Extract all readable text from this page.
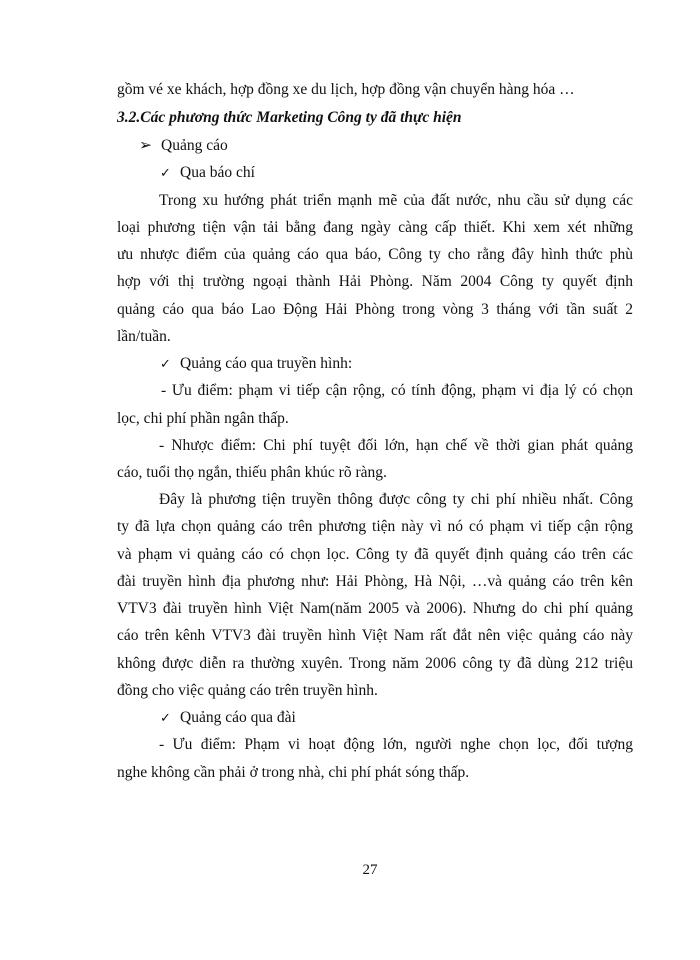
gồm vé xe khách, hợp đồng xe du lịch, hợp đồng vận chuyển hàng hóa …

3.2.Các phương thức Marketing Công ty đã thực hiện

➢ Quảng cáo

✓ Qua báo chí

Trong xu hướng phát triển mạnh mẽ của đất nước, nhu cầu sử dụng các

loại phương tiện vận tải bằng đang ngày càng cấp thiết. Khi xem xét những

ưu nhược điểm của quảng cáo qua báo, Công ty cho rằng đây hình thức phù

hợp với thị trường ngoại thành Hải Phòng. Năm 2004 Công ty quyết định

quảng cáo qua báo Lao Động Hải Phòng trong vòng 3 tháng với tần suất 2

lần/tuần.

✓ Quảng cáo qua truyền hình:

- Ưu điểm: phạm vi tiếp cận rộng, có tính động, phạm vi địa lý có chọn

lọc, chi phí phần ngân thấp.

- Nhược điểm: Chi phí tuyệt đối lớn, hạn chế về thời gian phát quảng

cáo, tuổi thọ ngắn, thiếu phân khúc rõ ràng.

Đây là phương tiện truyền thông được công ty chi phí nhiều nhất. Công

ty đã lựa chọn quảng cáo trên phương tiện này vì nó có phạm vi tiếp cận rộng

và phạm vi quảng cáo có chọn lọc. Công ty đã quyết định quảng cáo trên các

đài truyền hình địa phương như: Hải Phòng, Hà Nội, …và quảng cáo trên kên

VTV3 đài truyền hình Việt Nam(năm 2005 và 2006). Nhưng do chi phí quảng

cáo trên kênh VTV3 đài truyền hình Việt Nam rất đắt nên việc quảng cáo này

không được diễn ra thường xuyên. Trong năm 2006 công ty đã dùng 212 triệu

đồng cho việc quảng cáo trên truyền hình.

✓ Quảng cáo qua đài

- Ưu điểm: Phạm vi hoạt động lớn, người nghe chọn lọc, đối tượng

nghe không cần phải ở trong nhà, chi phí phát sóng thấp.

27
